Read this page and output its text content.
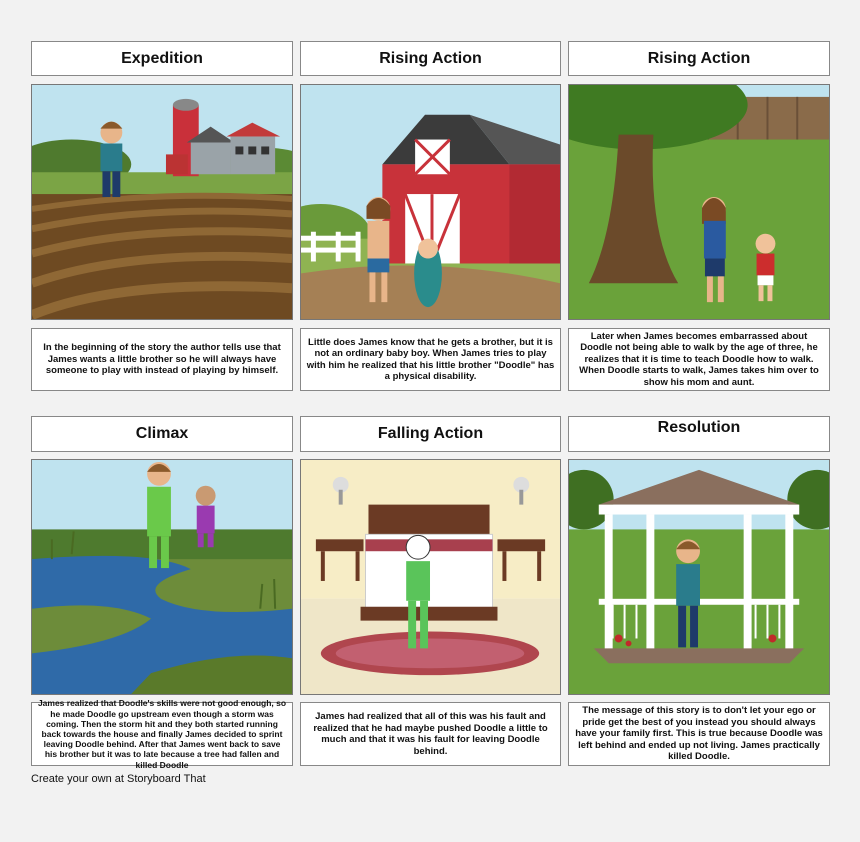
Expedition	Rising Action	Rising Action
In the beginning of the story the author tells use that James wants a little brother so he will always have someone to play with instead of playing by himself.
Little does James know that he gets a brother, but it is not an ordinary baby boy. When James tries to play with him he realized that his little brother "Doodle" has a physical disability.
Later when James becomes embarrassed about Doodle not being able to walk by the age of three, he realizes that it is time to teach Doodle how to walk. When Doodle starts to walk, James takes him over to show his mom and aunt.
Climax	Falling Action	Resolution
James realized that Doodle's skills were not good enough, so he made Doodle go upstream even though a storm was coming. Then the storm hit and they both started running back towards the house and finally James decided to sprint leaving Doodle behind. After that James went back to save his brother but it was to late because a tree had fallen and killed Doodle
James had realized that all of this was his fault and realized that he had maybe pushed Doodle a little to much and that it was his fault for leaving Doodle behind.
The message of this story is to don't let your ego or pride get the best of you instead you should always have your family first. This is true because Doodle was left behind and ended up not living. James practically killed Doodle.
Create your own at Storyboard That
